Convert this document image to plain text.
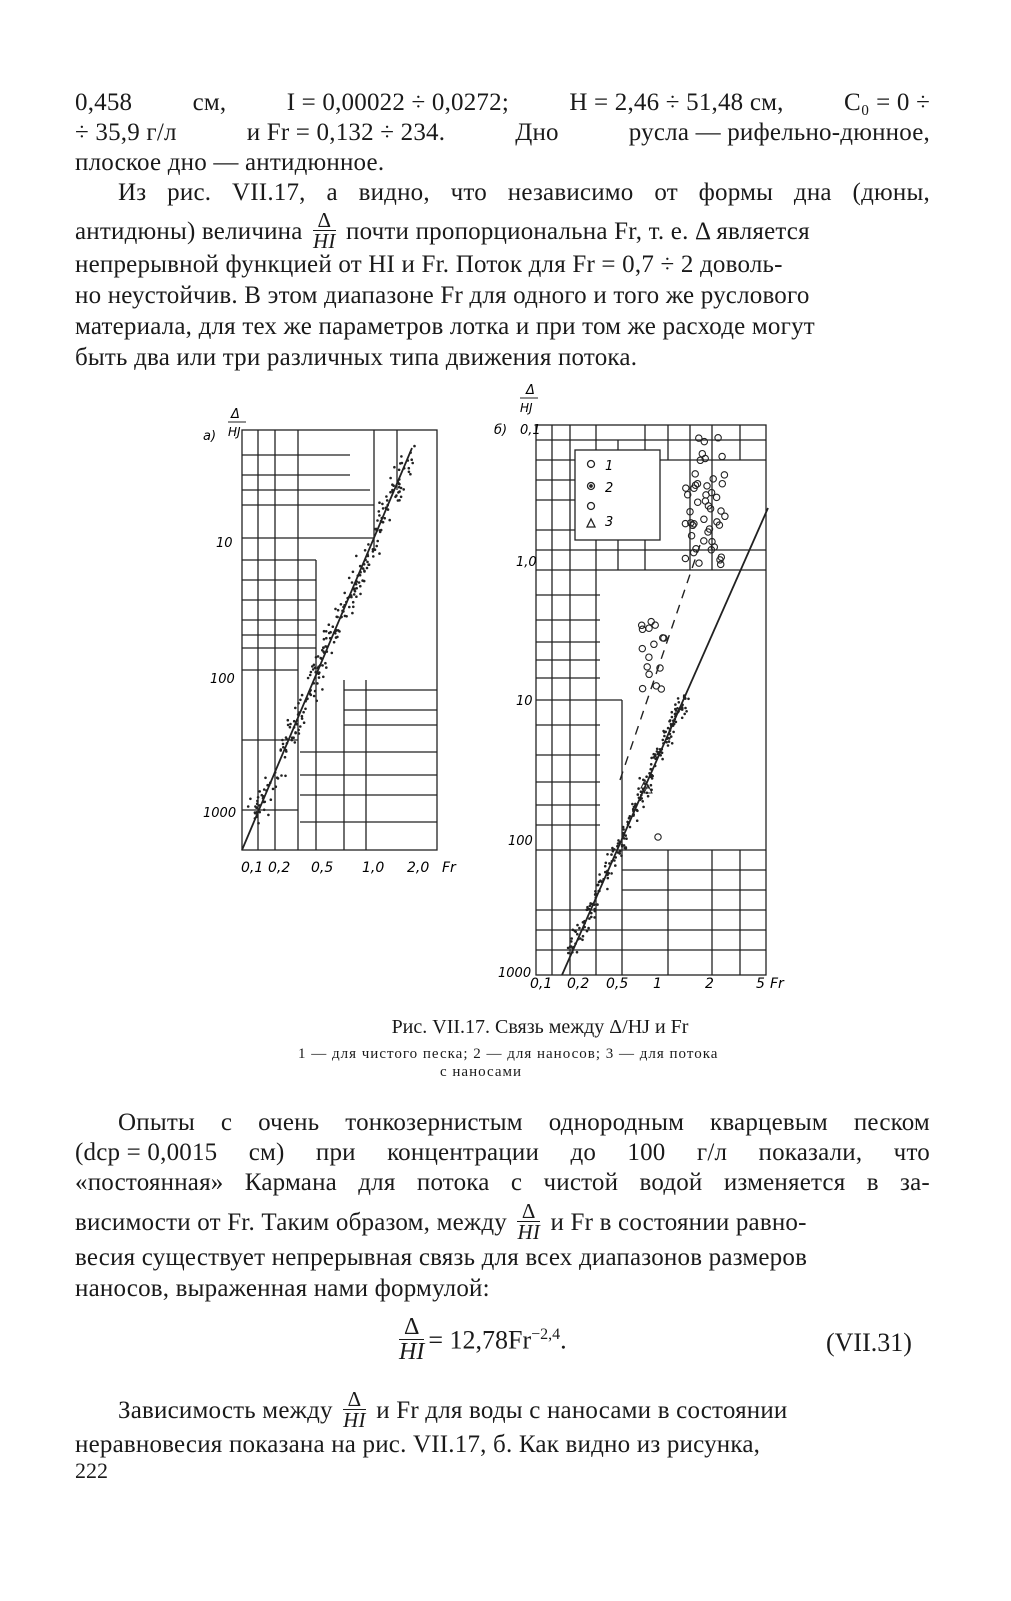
0,458 см, I = 0,00022 ÷ 0,0272; H = 2,46 ÷ 51,48 см, C₀ = 0 ÷
÷ 35,9 г/л	и Fr = 0,132 ÷ 234.	Дно	русла — рифельно-дюнное,
плоское дно — антидюнное.
Из рис. VII.17, а видно, что независимо от формы дна (дюны,
антидюны) величина $\frac{\Delta}{HI}$ почти пропорциональна Fr, т. е. Δ является
непрерывной функцией от HI и Fr. Поток для Fr = 0,7 ÷ 2 доволь-
но неустойчив. В этом диапазоне Fr для одного и того же руслового
материала, для тех же параметров лотка и при том же расходе могут
быть два или три различных типа движения потока.
а)
Δ
HJ
10
100
1000
0,1 0,2 0,5 1,0 2,0 Fr
1
2
3
Δ
HJ
б) 0,1
1,0
10
100
1000
0,1 0,2 0,5 1	2	5 Fr
Рис. VII.17. Связь между Δ/HJ и Fr
1 — для чистого песка; 2 — для наносов; 3 — для потока
с наносами
Опыты с очень тонкозернистым однородным кварцевым песком
(dср = 0,0015 см) при концентрации до 100 г/л показали, что
«постоянная» Кармана для потока с чистой водой изменяется в за-
висимости от Fr. Таким образом, между $\frac{\Delta}{HI}$ и Fr в состоянии равно-
весия существует непрерывная связь для всех диапазонов размеров
наносов, выраженная нами формулой:
$\frac{\Delta}{HI} = 12,78Fr^{-2,4}$.	(VII.31)
Зависимость между $\frac{\Delta}{HI}$ и Fr для воды с наносами в состоянии
неравновесия показана на рис. VII.17, б. Как видно из рисунка,
222
